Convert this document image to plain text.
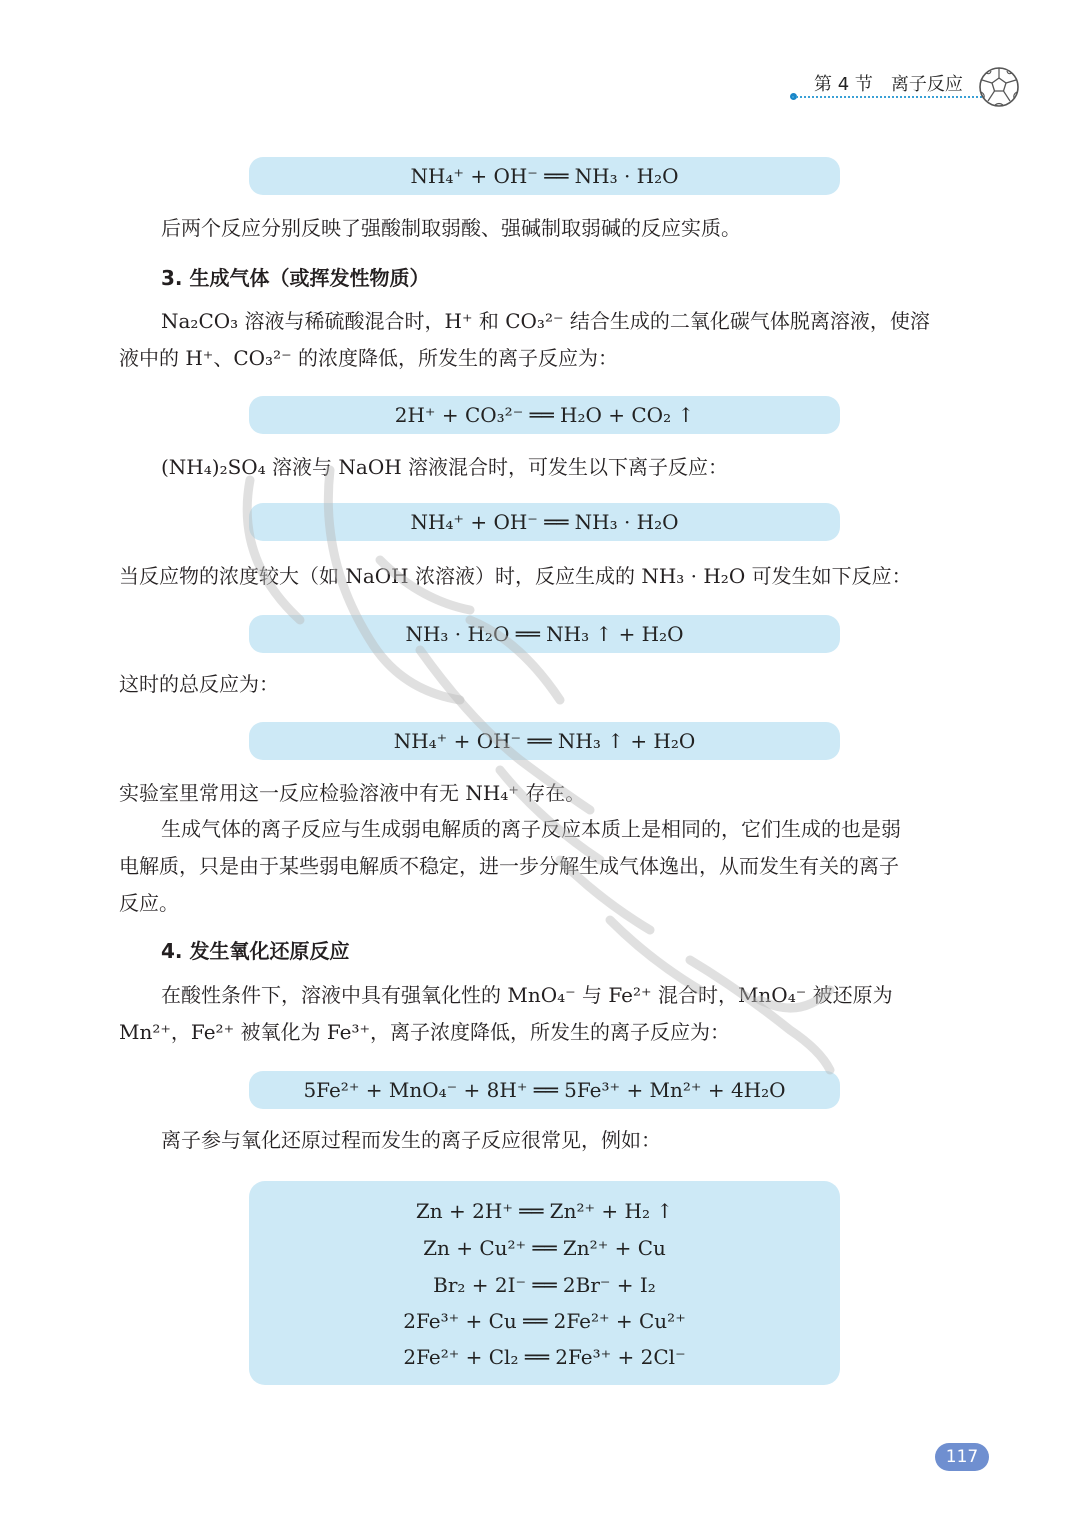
第 4 节　离子反应
NH₄⁺ + OH⁻ ══ NH₃ · H₂O
后两个反应分别反映了强酸制取弱酸、强碱制取弱碱的反应实质。
3. 生成气体（或挥发性物质）
Na₂CO₃ 溶液与稀硫酸混合时，H⁺ 和 CO₃²⁻ 结合生成的二氧化碳气体脱离溶液，使溶
液中的 H⁺、CO₃²⁻ 的浓度降低，所发生的离子反应为：
2H⁺ + CO₃²⁻ ══ H₂O + CO₂ ↑
(NH₄)₂SO₄ 溶液与 NaOH 溶液混合时，可发生以下离子反应：
NH₄⁺ + OH⁻ ══ NH₃ · H₂O
当反应物的浓度较大（如 NaOH 浓溶液）时，反应生成的 NH₃ · H₂O 可发生如下反应：
NH₃ · H₂O ══ NH₃ ↑ + H₂O
这时的总反应为：
NH₄⁺ + OH⁻ ══ NH₃ ↑ + H₂O
实验室里常用这一反应检验溶液中有无 NH₄⁺ 存在。
生成气体的离子反应与生成弱电解质的离子反应本质上是相同的，它们生成的也是弱
电解质，只是由于某些弱电解质不稳定，进一步分解生成气体逸出，从而发生有关的离子
反应。
4. 发生氧化还原反应
在酸性条件下，溶液中具有强氧化性的 MnO₄⁻ 与 Fe²⁺ 混合时，MnO₄⁻ 被还原为
Mn²⁺，Fe²⁺ 被氧化为 Fe³⁺，离子浓度降低，所发生的离子反应为：
5Fe²⁺ + MnO₄⁻ + 8H⁺ ══ 5Fe³⁺ + Mn²⁺ + 4H₂O
离子参与氧化还原过程而发生的离子反应很常见，例如：
Zn + 2H⁺ ══ Zn²⁺ + H₂ ↑
Zn + Cu²⁺ ══ Zn²⁺ + Cu
Br₂ + 2I⁻ ══ 2Br⁻ + I₂
2Fe³⁺ + Cu ══ 2Fe²⁺ + Cu²⁺
2Fe²⁺ + Cl₂ ══ 2Fe³⁺ + 2Cl⁻
117
